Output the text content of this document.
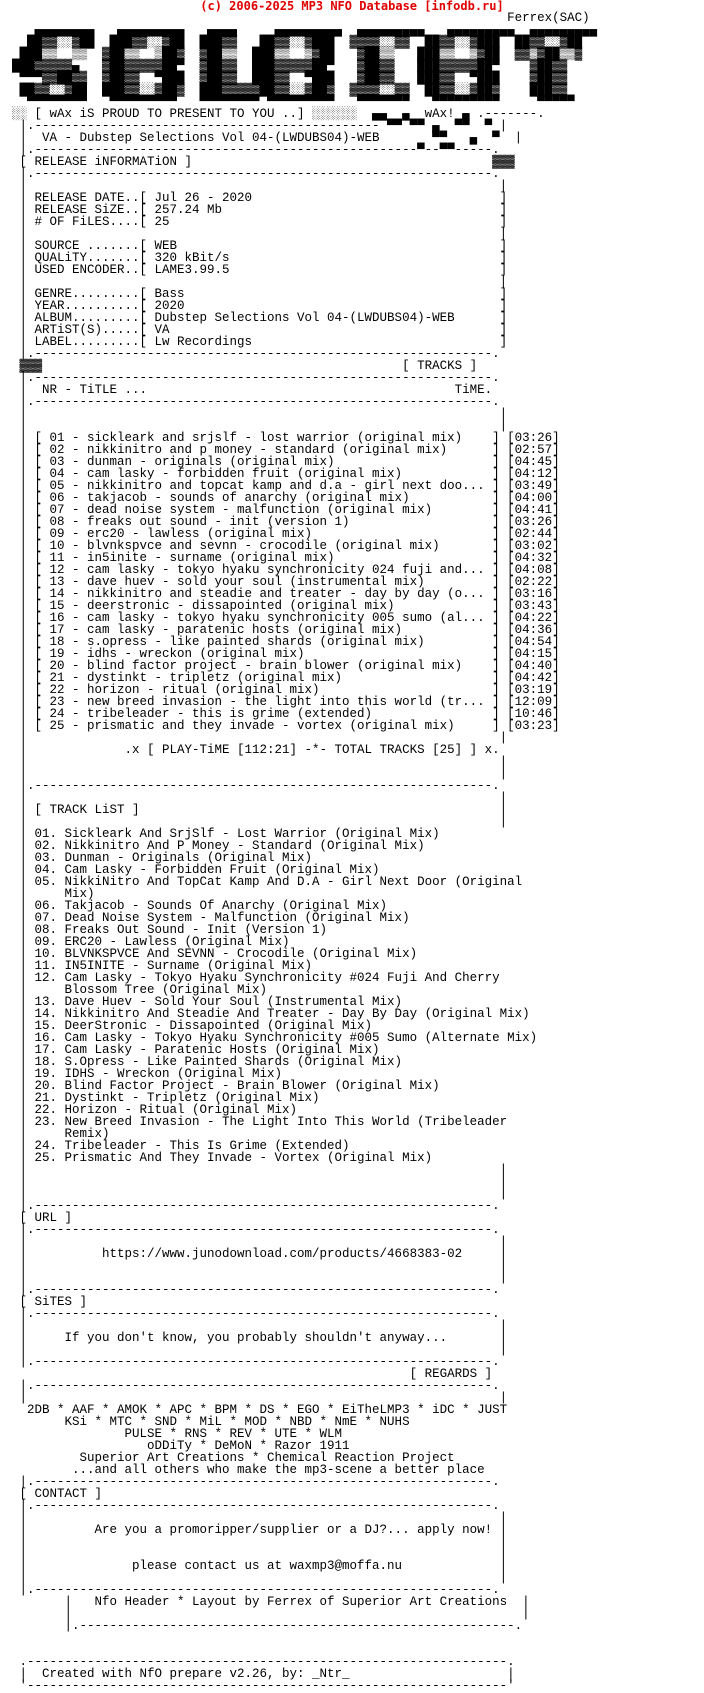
(c) 2006-2025 MP3 NFO Database [infodb.ru]
Ferrex(SAC)
▄▄▄▄▄▄▄▄   ▄▄▄▄▄▄▄▄▄   ▄▄▄▄     ▄▄▄▄▄▄▄▄▄  ▄▄▄▄▄▄▄▄▄   ▄▄▄▄▄▄▄▄▄  ▄▄▄▄▄▄▄▄▄
██▓▓░░▓██  ███▓▓░░▓██  ███▓▓   ██▓▓░░▓███  ▓▓▓▓░░▓▓  ██▓▓░░▓███  ██▓▓░░▓██
███▒▒  ▒▒  ▓██▒▒  ▒██▓  ▓██▒▒  ███▒▒  ▒▓██   ▓██▒▒   ███▒▒  ▒▓██  ▓▓▒▓██▒▒▓
███▓▓▓▓▓▄   ▓██▓▓▓▓▓██▀  ▓██▓▓  ███▓▓▓▓▓██▀   ▓██▓▓   ███▓▓▓▓▓██▀    ▓██▓▓
▀▀▀▓▓██▓▓  ▓██▓▓  ▀███  ▓██▓▓  ███▓▓  ▀███   ▓██▓▓   ███▓▓  ▀███    ▓██▓▓
██▓▓░░▓██  ███▓▓░░▓██▓  ███▓▓▓▓▓██▓▓░░▓██▓  ▓▓▓▓░░▓▓  ██▓▓░░▓██▓    ███▓▓
▀▀▀▀▀▀▀▀   ▀▀▀▀▀▀▀▀▀   ▀▀▀▀▀▀▀▀ ▀▀▀▀▀▀▀▀▀   ▀▀▀▀▀▀▀   ▀▀▀▀▀▀▀▀▀     ▀▀▀▀▀
░░ [ wAx iS PROUD TO PRESENT TO YOU ..] ░░░░░░  ▄▄  ▄  wAx! ▄ .-------.
|.---------------------------------------------- ▀▀ ▀▀ ▄  ▀▀  ▀ |
|  VA - Dubstep Selections Vol 04-(LWDUBS04)-WEB       ▀▀   ▄  ▀  |
|.---------------------------------------------------▀--▀▀-----.
[ RELEASE iNFORMATiON ]                                        ▓▓▓
|.-------------------------------------------------------------.
|                                                               |
| RELEASE DATE..[ Jul 26 - 2020                                 ]
| RELEASE SiZE..[ 257.24 Mb                                     ]
| # OF FiLES....[ 25                                            ]
|                                                               |
| SOURCE .......[ WEB                                           ]
| QUALiTY.......[ 320 kBit/s                                    ]
| USED ENCODER..[ LAME3.99.5                                    ]
|                                                               |
| GENRE.........[ Bass                                          ]
| YEAR..........[ 2020                                          ]
| ALBUM.........[ Dubstep Selections Vol 04-(LWDUBS04)-WEB      ]
| ARTiST(S).....[ VA                                            ]
| LABEL.........[ Lw Recordings                                 ]
|.-------------------------------------------------------------.
▓▓▓                                                [ TRACKS ]
|.-------------------------------------------------------------.
|  NR - TiTLE ...                                         TiME.
|.-------------------------------------------------------------.
|                                                               |
|                                                               |
| [ 01 - sickleark and srjslf - lost warrior (original mix)    ] [03:26]
| [ 02 - nikkinitro and p money - standard (original mix)      ] [02:57]
| [ 03 - dunman - originals (original mix)                     ] [04:45]
| [ 04 - cam lasky - forbidden fruit (original mix)            ] [04:12]
| [ 05 - nikkinitro and topcat kamp and d.a - girl next doo... ] [03:49]
| [ 06 - takjacob - sounds of anarchy (original mix)           ] [04:00]
| [ 07 - dead noise system - malfunction (original mix)        ] [04:41]
| [ 08 - freaks out sound - init (version 1)                   ] [03:26]
| [ 09 - erc20 - lawless (original mix)                        ] [02:44]
| [ 10 - blvnkspvce and sevnn - crocodile (original mix)       ] [03:02]
| [ 11 - in5inite - surname (original mix)                     ] [04:32]
| [ 12 - cam lasky - tokyo hyaku synchronicity 024 fuji and... ] [04:08]
| [ 13 - dave huev - sold your soul (instrumental mix)         ] [02:22]
| [ 14 - nikkinitro and steadie and treater - day by day (o... ] [03:16]
| [ 15 - deerstronic - dissapointed (original mix)             ] [03:43]
| [ 16 - cam lasky - tokyo hyaku synchronicity 005 sumo (al... ] [04:22]
| [ 17 - cam lasky - paratenic hosts (original mix)            ] [04:36]
| [ 18 - s.opress - like painted shards (original mix)         ] [04:54]
| [ 19 - idhs - wreckon (original mix)                         ] [04:15]
| [ 20 - blind factor project - brain blower (original mix)    ] [04:40]
| [ 21 - dystinkt - tripletz (original mix)                    ] [04:42]
| [ 22 - horizon - ritual (original mix)                       ] [03:19]
| [ 23 - new breed invasion - the light into this world (tr... ] [12:09]
| [ 24 - tribeleader - this is grime (extended)                ] [10:46]
| [ 25 - prismatic and they invade - vortex (original mix)     ] [03:23]
|                                                               |
|             .x [ PLAY-TiME [112:21] -*- TOTAL TRACKS [25] ] x.
|                                                               |
|                                                               |
|.-------------------------------------------------------------.
|                                                               |
| [ TRACK LiST ]                                                |
|                                                               |
| 01. Sickleark And SrjSlf - Lost Warrior (Original Mix)
| 02. Nikkinitro And P Money - Standard (Original Mix)
| 03. Dunman - Originals (Original Mix)
| 04. Cam Lasky - Forbidden Fruit (Original Mix)
| 05. NikkiNitro And TopCat Kamp And D.A - Girl Next Door (Original
|     Mix)
| 06. Takjacob - Sounds Of Anarchy (Original Mix)
| 07. Dead Noise System - Malfunction (Original Mix)
| 08. Freaks Out Sound - Init (Version 1)
| 09. ERC20 - Lawless (Original Mix)
| 10. BLVNKSPVCE And SEVNN - Crocodile (Original Mix)
| 11. IN5INITE - Surname (Original Mix)
| 12. Cam Lasky - Tokyo Hyaku Synchronicity #024 Fuji And Cherry
|     Blossom Tree (Original Mix)
| 13. Dave Huev - Sold Your Soul (Instrumental Mix)
| 14. Nikkinitro And Steadie And Treater - Day By Day (Original Mix)
| 15. DeerStronic - Dissapointed (Original Mix)
| 16. Cam Lasky - Tokyo Hyaku Synchronicity #005 Sumo (Alternate Mix)
| 17. Cam Lasky - Paratenic Hosts (Original Mix)
| 18. S.Opress - Like Painted Shards (Original Mix)
| 19. IDHS - Wreckon (Original Mix)
| 20. Blind Factor Project - Brain Blower (Original Mix)
| 21. Dystinkt - Tripletz (Original Mix)
| 22. Horizon - Ritual (Original Mix)
| 23. New Breed Invasion - The Light Into This World (Tribeleader
|     Remix)
| 24. Tribeleader - This Is Grime (Extended)
| 25. Prismatic And They Invade - Vortex (Original Mix)
|                                                               |
|                                                               |
|                                                               |
|.-------------------------------------------------------------.
[ URL ]
|.-------------------------------------------------------------.
|                                                               |
|          https://www.junodownload.com/products/4668383-02     |
|                                                               |
|                                                               |
|.-------------------------------------------------------------.
[ SiTES ]
|.-------------------------------------------------------------.
|                                                               |
|     If you don't know, you probably shouldn't anyway...       |
|                                                               |
|.-------------------------------------------------------------.
[ REGARDS ]
|.-------------------------------------------------------------.
|                                                               |
2DB * AAF * AMOK * APC * BPM * DS * EGO * EiTheLMP3 * iDC * JUST
KSi * MTC * SND * MiL * MOD * NBD * NmE * NUHS
PULSE * RNS * REV * UTE * WLM
oDDiTy * DeMoN * Razor 1911
Superior Art Creations * Chemical Reaction Project
...and all others who make the mp3-scene a better place
|.-------------------------------------------------------------.
[ CONTACT ]
|.-------------------------------------------------------------.
|                                                               |
|         Are you a promoripper/supplier or a DJ?... apply now! |
|                                                               |
|                                                               |
|              please contact us at waxmp3@moffa.nu             |
|                                                               |
|.-------------------------------------------------------------.
|   Nfo Header * Layout by Ferrex of Superior Art Creations  |
|                                                            |
|.----------------------------------------------------------.

.----------------------------------------------------------------.
|  Created with NfO prepare v2.26, by: _Ntr_                     |
'----------------------------------------------------------------'
